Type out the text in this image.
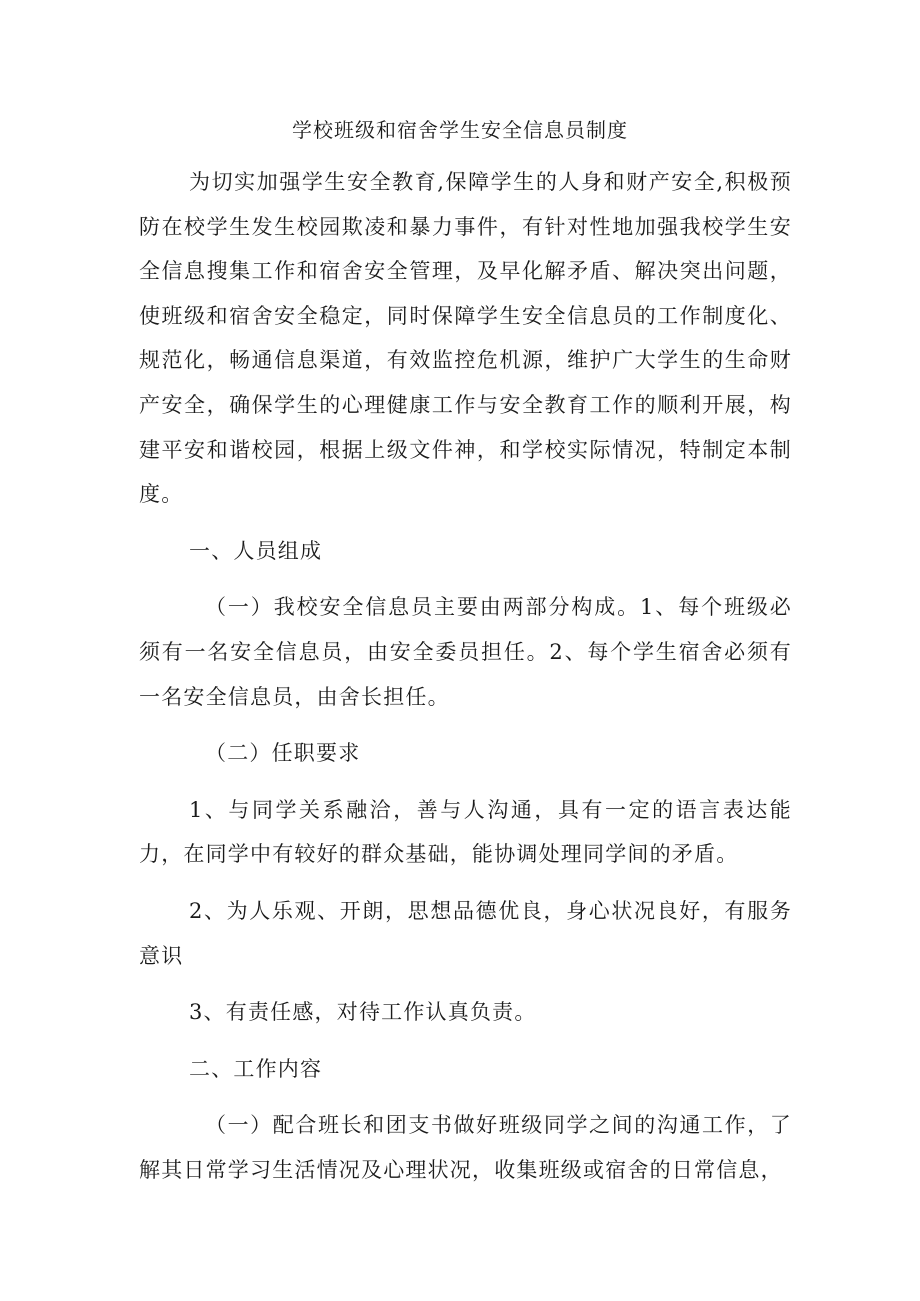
学校班级和宿舍学生安全信息员制度

为切实加强学生安全教育,保障学生的人身和财产安全,积极预防在校学生发生校园欺凌和暴力事件，有针对性地加强我校学生安全信息搜集工作和宿舍安全管理，及早化解矛盾、解决突出问题，使班级和宿舍安全稳定，同时保障学生安全信息员的工作制度化、规范化，畅通信息渠道，有效监控危机源，维护广大学生的生命财产安全，确保学生的心理健康工作与安全教育工作的顺利开展，构建平安和谐校园，根据上级文件神，和学校实际情况，特制定本制度。

一、人员组成

（一）我校安全信息员主要由两部分构成。1、每个班级必须有一名安全信息员，由安全委员担任。2、每个学生宿舍必须有一名安全信息员，由舍长担任。

（二）任职要求

1、与同学关系融洽，善与人沟通，具有一定的语言表达能力，在同学中有较好的群众基础，能协调处理同学间的矛盾。

2、为人乐观、开朗，思想品德优良，身心状况良好，有服务意识

3、有责任感，对待工作认真负责。

二、工作内容

（一）配合班长和团支书做好班级同学之间的沟通工作，了解其日常学习生活情况及心理状况，收集班级或宿舍的日常信息，
